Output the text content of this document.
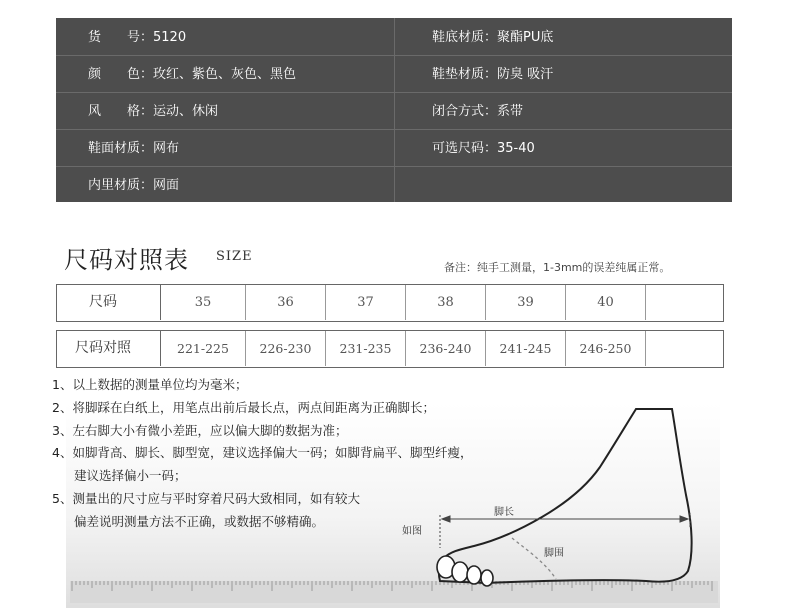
货　　号：5120	鞋底材质：聚酯PU底
颜　　色：玫红、紫色、灰色、黑色	鞋垫材质：防臭 吸汗
风　　格：运动、休闲	闭合方式：系带
鞋面材质：网布	可选尺码：35-40
内里材质：网面
尺码对照表 SIZE
备注：纯手工测量，1-3mm的误差纯属正常。
尺码	35	36	37	38	39	40
尺码对照	221-225	226-230	231-235	236-240	241-245	246-250
脚长
如图
脚围
1、以上数据的测量单位均为毫米；
2、将脚踩在白纸上，用笔点出前后最长点，两点间距离为正确脚长；
3、左右脚大小有微小差距，应以偏大脚的数据为准；
4、如脚背高、脚长、脚型宽，建议选择偏大一码；如脚背扁平、脚型纤瘦，
建议选择偏小一码；
5、测量出的尺寸应与平时穿着尺码大致相同，如有较大
偏差说明测量方法不正确，或数据不够精确。
